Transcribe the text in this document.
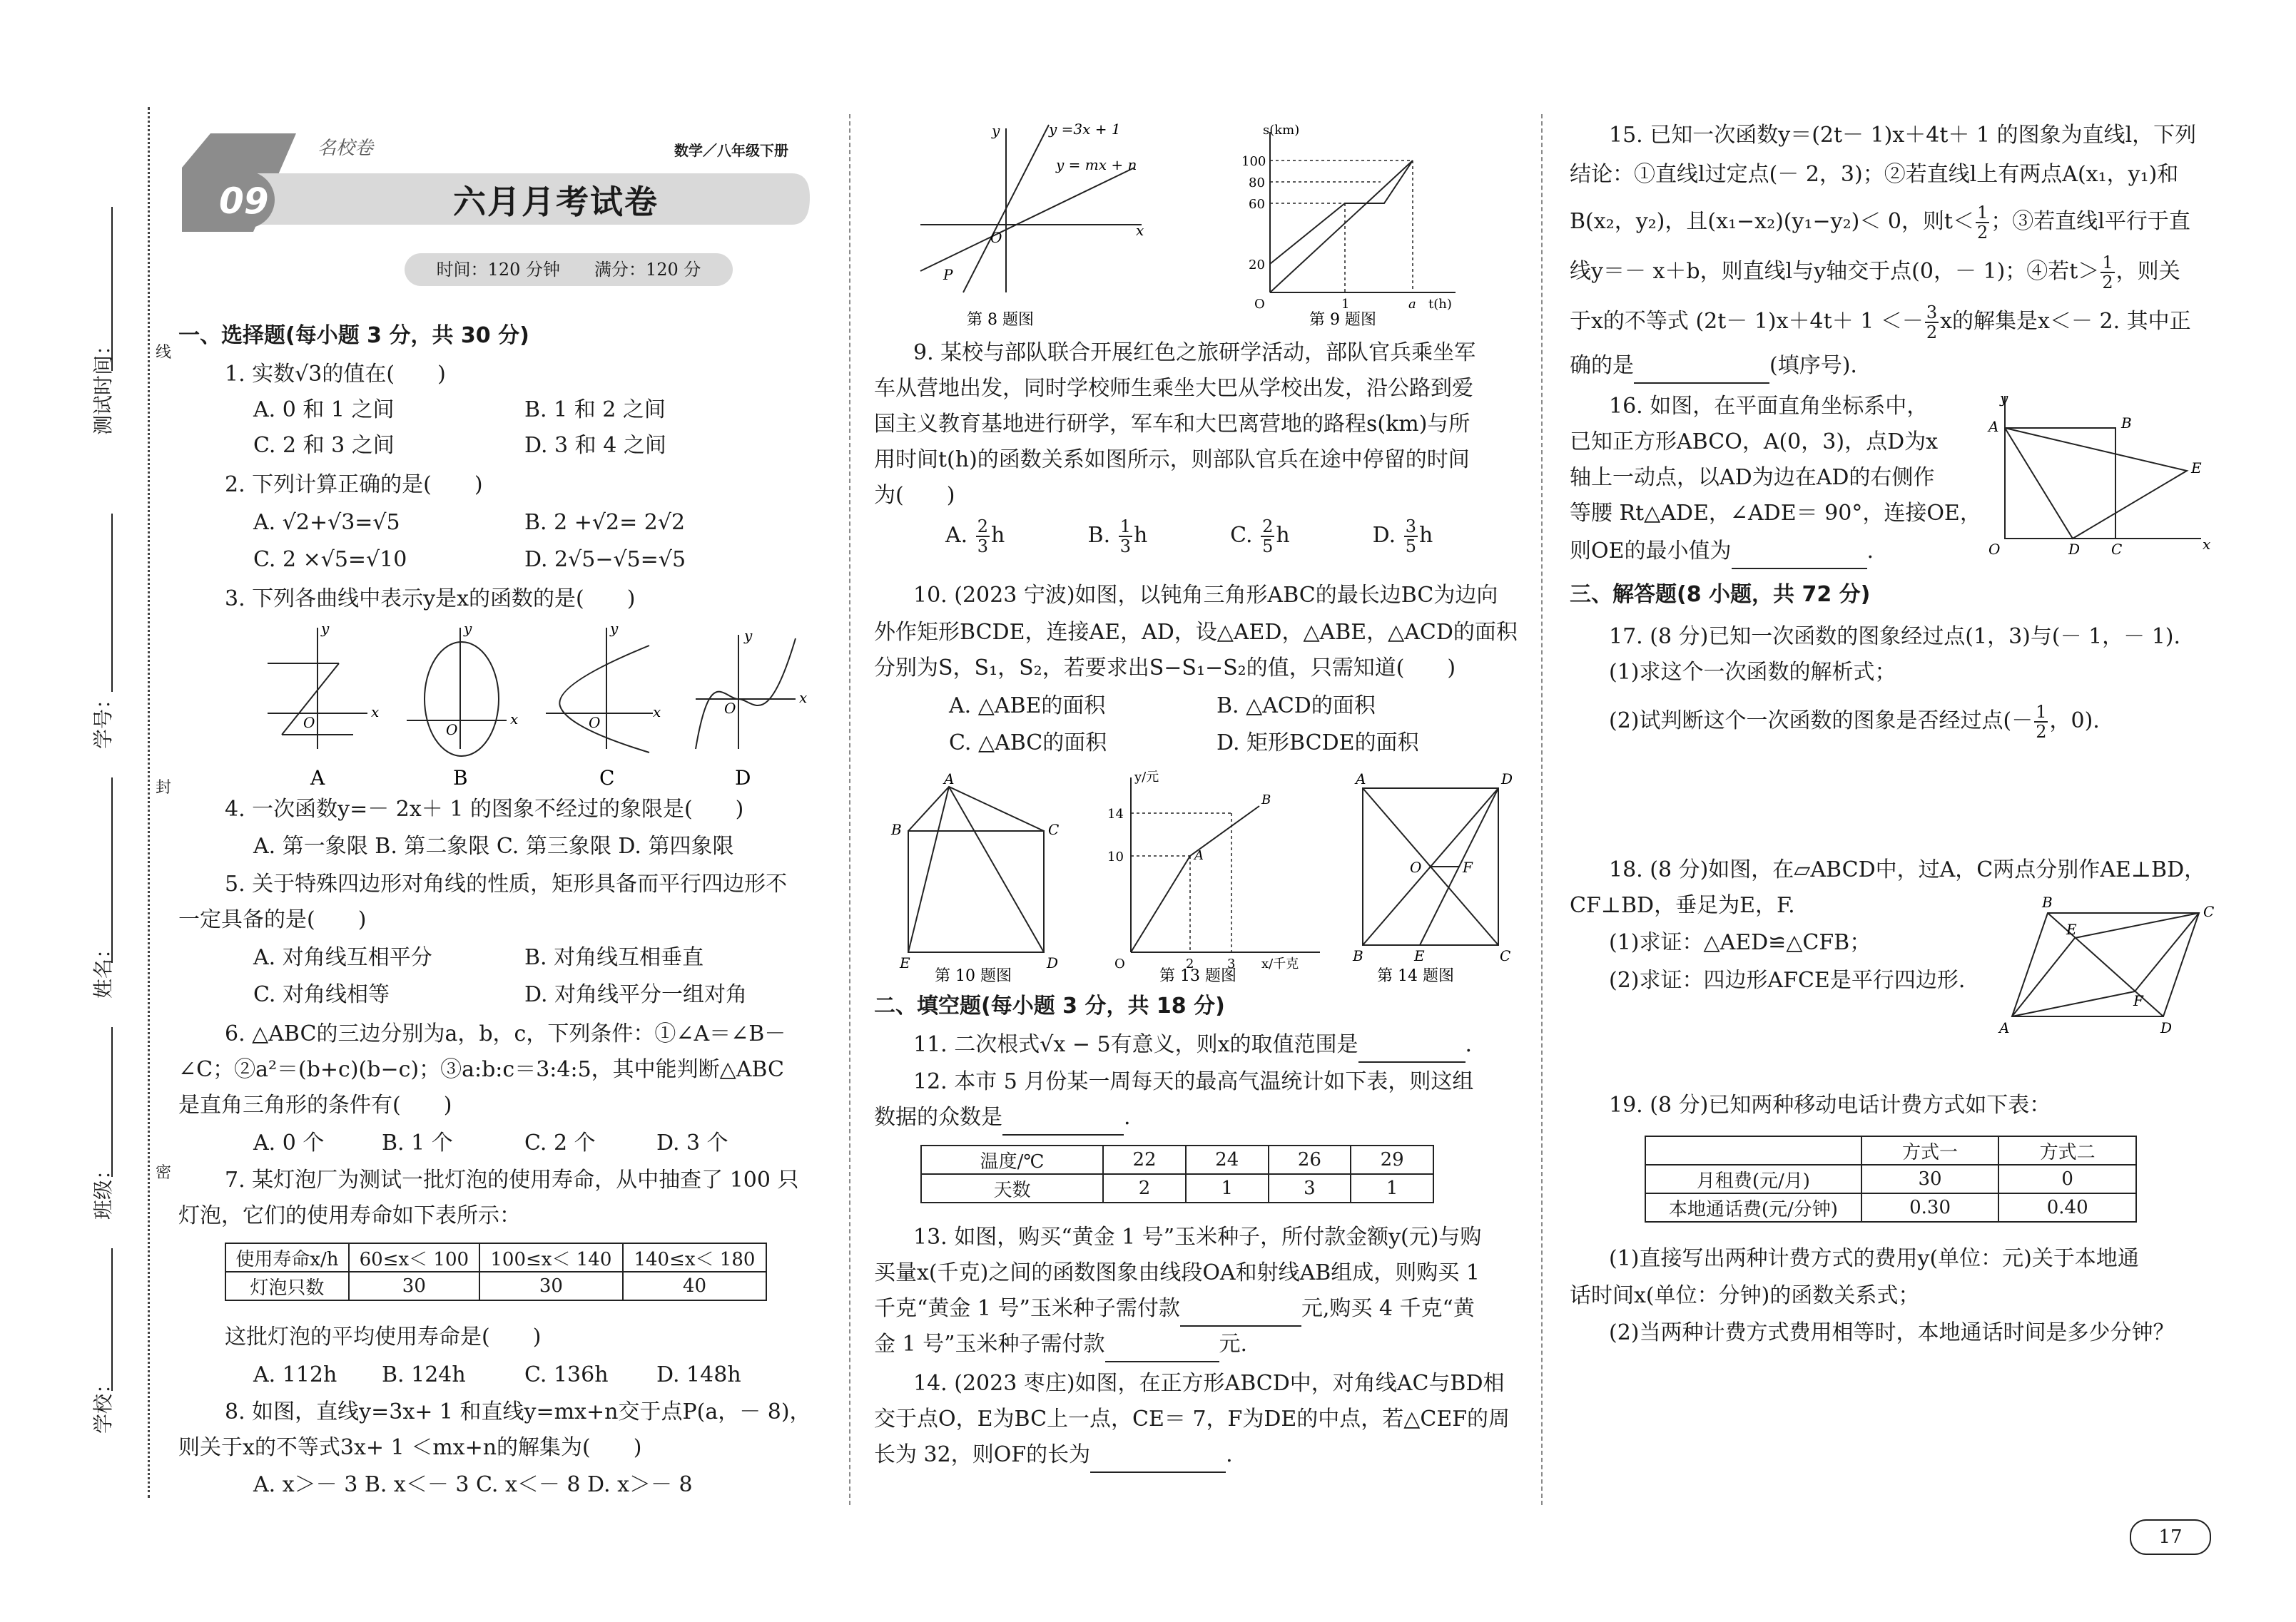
线
封
密
测试时间：
学号：
姓名：
班级：
学校：
09
名校卷	数学／八年级下册
六月月考试卷
时间：120 分钟　　满分：120 分
一、选择题(每小题 3 分，共 30 分)
1. 实数√3的值在(　　)
A. 0 和 1 之间	B. 1 和 2 之间
C. 2 和 3 之间	D. 3 和 4 之间
2. 下列计算正确的是(　　)
A. √2+√3=√5	B. 2 +√2= 2√2
C. 2 ×√5=√10	D. 2√5−√5=√5
3. 下列各曲线中表示y是x的函数的是(　　)
x
y
O	x
y
O
x
y
O
x
y
O
A	B	C	D
4. 一次函数y=－ 2x＋ 1 的图象不经过的象限是(　　)
A. 第一象限 B. 第二象限 C. 第三象限 D. 第四象限
5. 关于特殊四边形对角线的性质，矩形具备而平行四边形不
一定具备的是(　　)
A. 对角线互相平分	B. 对角线互相垂直
C. 对角线相等	D. 对角线平分一组对角
6. △ABC的三边分别为a，b，c，下列条件：①∠A＝∠B－
∠C；②a²＝(b+c)(b−c)；③a:b:c＝3:4:5，其中能判断△ABC
是直角三角形的条件有(　　)
A. 0 个	B. 1 个	C. 2 个	D. 3 个
7. 某灯泡厂为测试一批灯泡的使用寿命，从中抽查了 100 只
灯泡，它们的使用寿命如下表所示：
使用寿命x/h	60≤x＜ 100	100≤x＜ 140	140≤x＜ 180
灯泡只数	30	30	40
这批灯泡的平均使用寿命是(　　)
A. 112h B. 124h	C. 136h D. 148h
8. 如图，直线y=3x+ 1 和直线y=mx+n交于点P(a，－ 8)，
则关于x的不等式3x+ 1 ＜mx+n的解集为(　　)
A. x＞－ 3 B. x＜－ 3 C. x＜－ 8 D. x＞－ 8
y =3x + 1
y = mx + n
x
y
O
P
第 8 题图
s(km)
100
80
60
20
O	1	a t(h)
第 9 题图
9. 某校与部队联合开展红色之旅研学活动，部队官兵乘坐军
车从营地出发，同时学校师生乘坐大巴从学校出发，沿公路到爱
国主义教育基地进行研学，军车和大巴离营地的路程s(km)与所
用时间t(h)的函数关系如图所示，则部队官兵在途中停留的时间
为(　　)
A. $\frac{2}{3}$ h	B. $\frac{1}{3}$ h	C. $\frac{2}{5}$ h	D. $\frac{3}{5}$ h
10. (2023 宁波)如图，以钝角三角形ABC的最长边BC为边向
外作矩形BCDE，连接AE，AD，设△AED，△ABE，△ACD的面积
分别为S，S₁，S₂，若要求出S−S₁−S₂的值，只需知道(　　)
A. △ABE的面积	B. △ACD的面积
C. △ABC的面积	D. 矩形BCDE的面积
A
B	C
D
E
第 10 题图
y/元
14
10
O	2	3 x/千克
A
B
第 13 题图
A	D
O	F
B	E	C
第 14 题图
二、填空题(每小题 3 分，共 18 分)
11. 二次根式√x − 5有意义，则x的取值范围是	.
12. 本市 5 月份某一周每天的最高气温统计如下表，则这组
数据的众数是	.
温度/℃	22	24	26	29
天数	2	1	3	1
13. 如图，购买“黄金 1 号”玉米种子，所付款金额y(元)与购
买量x(千克)之间的函数图象由线段OA和射线AB组成，则购买 1
千克“黄金 1 号”玉米种子需付款	元,购买 4 千克“黄
金 1 号”玉米种子需付款	元.
14. (2023 枣庄)如图，在正方形ABCD中，对角线AC与BD相
交于点O，E为BC上一点，CE＝ 7，F为DE的中点，若△CEF的周
长为 32，则OF的长为	.
15. 已知一次函数y＝(2t－ 1)x＋4t＋ 1 的图象为直线l，下列
结论：①直线l过定点(－ 2，3)；②若直线l上有两点A(x₁，y₁)和
B(x₂，y₂)，且(x₁−x₂)(y₁−y₂)＜ 0，则$t< \frac{1}{2}$ ；③若直线l平行于直
线y＝－ x＋b，则直线l与y轴交于点(0，－ 1)；④若$t> \frac{1}{2}$ ，则关
于x的不等式 $(2t- 1)x+4t+ 1 <- \frac{3}{2}$ x的解集是x＜－ 2. 其中正
确的是	(填序号).
16. 如图，在平面直角坐标系中，
已知正方形ABCO，A(0，3)，点D为x
轴上一动点，以AD为边在AD的右侧作
等腰 Rt△ADE，∠ADE＝ 90°，连接OE，
则OE的最小值为	.
y
x
A	B
E
O	D C
三、解答题(8 小题，共 72 分)
17. (8 分)已知一次函数的图象经过点(1，3)与(－ 1，－ 1).
(1)求这个一次函数的解析式；
(2)试判断这个一次函数的图象是否经过点(－ $\frac{1}{2}$ ，0).
18. (8 分)如图，在▱ABCD中，过A，C两点分别作AE⊥BD，
CF⊥BD，垂足为E，F.
(1)求证：△AED≌△CFB；
(2)求证：四边形AFCE是平行四边形.
B
C
E
F
A	D
19. (8 分)已知两种移动电话计费方式如下表：
	方式一	方式二
月租费(元/月)	30	0
本地通话费(元/分钟)	0.30	0.40
(1)直接写出两种计费方式的费用y(单位：元)关于本地通
话时间x(单位：分钟)的函数关系式；
(2)当两种计费方式费用相等时，本地通话时间是多少分钟？
17
